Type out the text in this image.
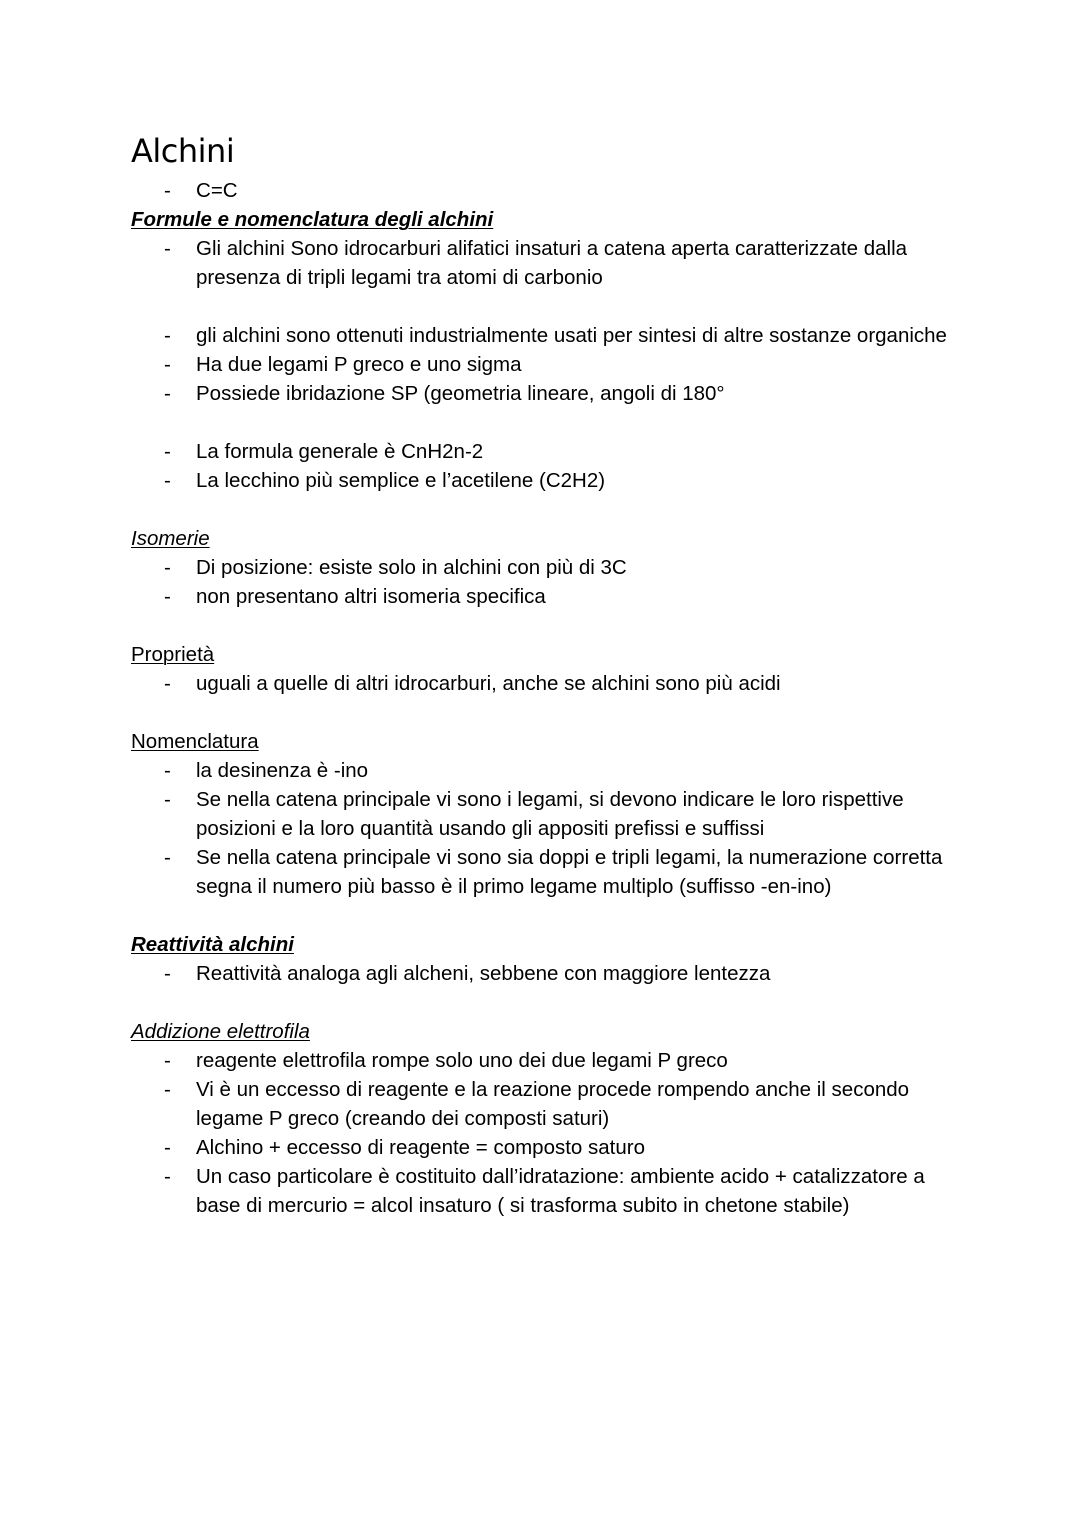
Alchini
- C=C
Formule e nomenclatura degli alchini
- Gli alchini Sono idrocarburi alifatici insaturi a catena aperta caratterizzate dalla presenza di tripli legami tra atomi di carbonio
- gli alchini sono ottenuti industrialmente usati per sintesi di altre sostanze organiche
- Ha due legami P greco e uno sigma
- Possiede ibridazione SP (geometria lineare, angoli di 180°
- La formula generale è CnH2n-2
- La lecchino più semplice e l’acetilene (C2H2)
Isomerie
- Di posizione: esiste solo in alchini con più di 3C
- non presentano altri isomeria specifica
Proprietà
- uguali a quelle di altri idrocarburi, anche se alchini sono più acidi
Nomenclatura
- la desinenza è -ino
- Se nella catena principale vi sono i legami, si devono indicare le loro rispettive posizioni e la loro quantità usando gli appositi prefissi e suffissi
- Se nella catena principale vi sono sia doppi e tripli legami, la numerazione corretta segna il numero più basso è il primo legame multiplo (suffisso -en-ino)
Reattività alchini
- Reattività analoga agli alcheni, sebbene con maggiore lentezza
Addizione elettrofila
- reagente elettrofila rompe solo uno dei due legami P greco
- Vi è un eccesso di reagente e la reazione procede rompendo anche il secondo legame P greco (creando dei composti saturi)
- Alchino + eccesso di reagente = composto saturo
- Un caso particolare è costituito dall’idratazione: ambiente acido + catalizzatore a base di mercurio = alcol insaturo ( si trasforma subito in chetone stabile)
